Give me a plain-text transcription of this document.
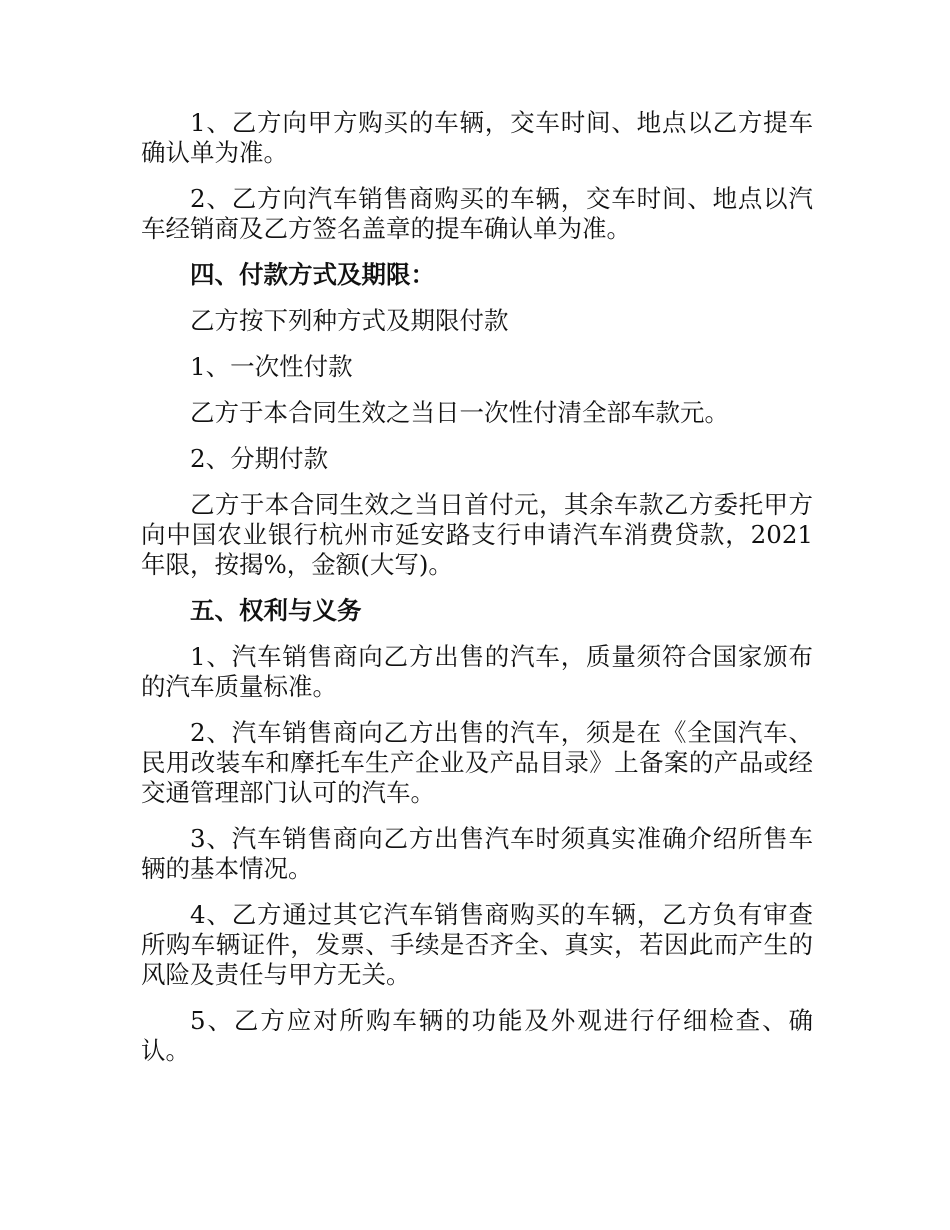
1、乙方向甲方购买的车辆，交车时间、地点以乙方提车确认单为准。

2、乙方向汽车销售商购买的车辆，交车时间、地点以汽车经销商及乙方签名盖章的提车确认单为准。

四、付款方式及期限：

乙方按下列种方式及期限付款

1、一次性付款

乙方于本合同生效之当日一次性付清全部车款元。

2、分期付款

乙方于本合同生效之当日首付元，其余车款乙方委托甲方向中国农业银行杭州市延安路支行申请汽车消费贷款，2021年限，按揭%，金额(大写)。

五、权利与义务

1、汽车销售商向乙方出售的汽车，质量须符合国家颁布的汽车质量标准。

2、汽车销售商向乙方出售的汽车，须是在《全国汽车、民用改装车和摩托车生产企业及产品目录》上备案的产品或经交通管理部门认可的汽车。

3、汽车销售商向乙方出售汽车时须真实准确介绍所售车辆的基本情况。

4、乙方通过其它汽车销售商购买的车辆，乙方负有审查所购车辆证件，发票、手续是否齐全、真实，若因此而产生的风险及责任与甲方无关。

5、乙方应对所购车辆的功能及外观进行仔细检查、确认。
